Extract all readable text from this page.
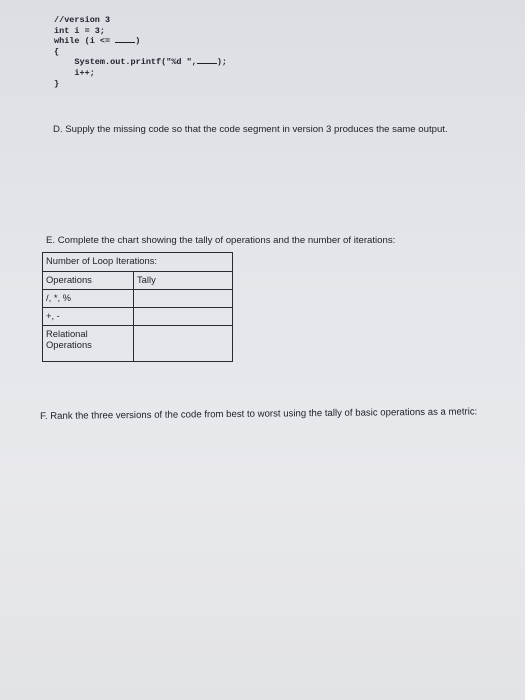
//version 3
int i = 3;
while (i <=	)
{
System.out.printf("%d ", );
i++;
}

D. Supply the missing code so that the code segment in version 3 produces the same output.

E. Complete the chart showing the tally of operations and the number of iterations:

Number of Loop Iterations:	
Operations	Tally
/, *, %	
+, -	
Relational Operations	

F. Rank the three versions of the code from best to worst using the tally of basic operations as a metric:
